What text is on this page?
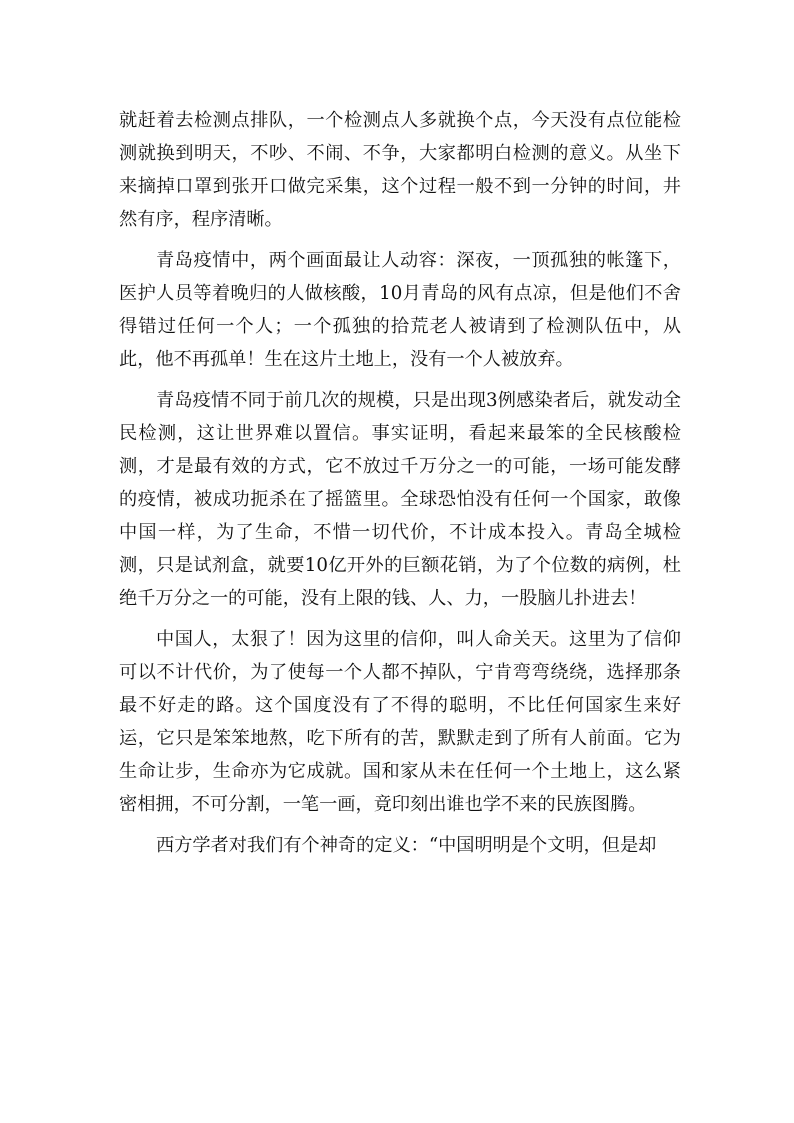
就赶着去检测点排队，一个检测点人多就换个点，今天没有点位能检测就换到明天，不吵、不闹、不争，大家都明白检测的意义。从坐下来摘掉口罩到张开口做完采集，这个过程一般不到一分钟的时间，井然有序，程序清晰。

青岛疫情中，两个画面最让人动容：深夜，一顶孤独的帐篷下，医护人员等着晚归的人做核酸，10月青岛的风有点凉，但是他们不舍得错过任何一个人；一个孤独的拾荒老人被请到了检测队伍中，从此，他不再孤单！生在这片土地上，没有一个人被放弃。

青岛疫情不同于前几次的规模，只是出现3例感染者后，就发动全民检测，这让世界难以置信。事实证明，看起来最笨的全民核酸检测，才是最有效的方式，它不放过千万分之一的可能，一场可能发酵的疫情，被成功扼杀在了摇篮里。全球恐怕没有任何一个国家，敢像中国一样，为了生命，不惜一切代价，不计成本投入。青岛全城检测，只是试剂盒，就要10亿开外的巨额花销，为了个位数的病例，杜绝千万分之一的可能，没有上限的钱、人、力，一股脑儿扑进去！

中国人，太狠了！因为这里的信仰，叫人命关天。这里为了信仰可以不计代价，为了使每一个人都不掉队，宁肯弯弯绕绕，选择那条最不好走的路。这个国度没有了不得的聪明，不比任何国家生来好运，它只是笨笨地熬，吃下所有的苦，默默走到了所有人前面。它为生命让步，生命亦为它成就。国和家从未在任何一个土地上，这么紧密相拥，不可分割，一笔一画，竟印刻出谁也学不来的民族图腾。

西方学者对我们有个神奇的定义：“中国明明是个文明，但是却
